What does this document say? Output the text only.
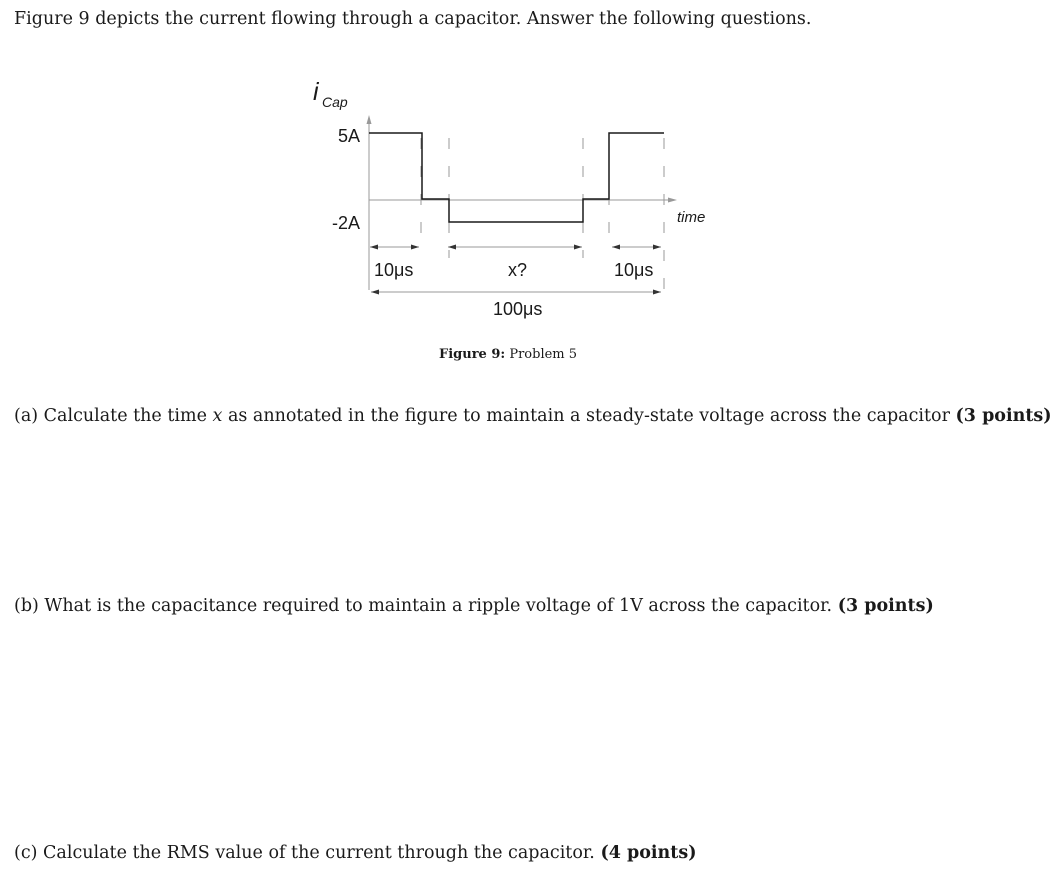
Figure 9 depicts the current flowing through a capacitor. Answer the following questions.
i Cap
5A
-2A	time
10μs	x?	10μs
100μs
Figure 9: Problem 5
(a) Calculate the time x as annotated in the figure to maintain a steady-state voltage across the capacitor (3 points)
(b) What is the capacitance required to maintain a ripple voltage of 1V across the capacitor. (3 points)
(c) Calculate the RMS value of the current through the capacitor. (4 points)
